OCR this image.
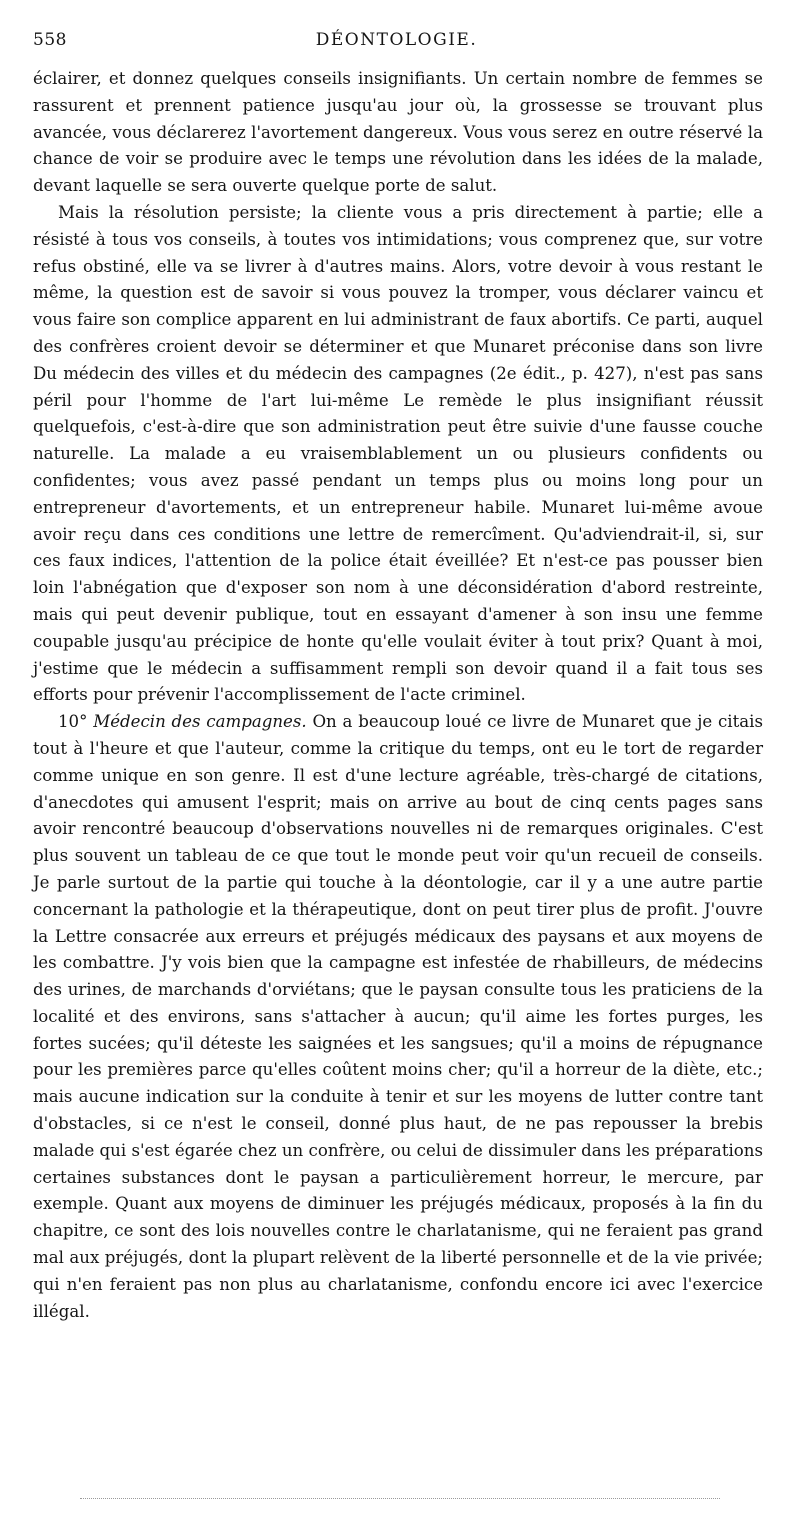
558	DÉONTOLOGIE.

éclairer, et donnez quelques conseils insignifiants. Un certain nombre de femmes se rassurent et prennent patience jusqu'au jour où, la grossesse se trouvant plus avancée, vous déclarerez l'avortement dangereux. Vous vous serez en outre réservé la chance de voir se produire avec le temps une révolution dans les idées de la malade, devant laquelle se sera ouverte quelque porte de salut.

Mais la résolution persiste; la cliente vous a pris directement à partie; elle a résisté à tous vos conseils, à toutes vos intimidations; vous comprenez que, sur votre refus obstiné, elle va se livrer à d'autres mains. Alors, votre devoir à vous restant le même, la question est de savoir si vous pouvez la tromper, vous déclarer vaincu et vous faire son complice apparent en lui administrant de faux abortifs. Ce parti, auquel des confrères croient devoir se déterminer et que Munaret préconise dans son livre Du médecin des villes et du médecin des campagnes (2e édit., p. 427), n'est pas sans péril pour l'homme de l'art lui-même Le remède le plus insignifiant réussit quelquefois, c'est-à-dire que son administration peut être suivie d'une fausse couche naturelle. La malade a eu vraisemblablement un ou plusieurs confidents ou confidentes; vous avez passé pendant un temps plus ou moins long pour un entrepreneur d'avortements, et un entrepreneur habile. Munaret lui-même avoue avoir reçu dans ces conditions une lettre de remercîment. Qu'adviendrait-il, si, sur ces faux indices, l'attention de la police était éveillée? Et n'est-ce pas pousser bien loin l'abnégation que d'exposer son nom à une déconsidération d'abord restreinte, mais qui peut devenir publique, tout en essayant d'amener à son insu une femme coupable jusqu'au précipice de honte qu'elle voulait éviter à tout prix? Quant à moi, j'estime que le médecin a suffisamment rempli son devoir quand il a fait tous ses efforts pour prévenir l'accomplissement de l'acte criminel.

10° Médecin des campagnes. On a beaucoup loué ce livre de Munaret que je citais tout à l'heure et que l'auteur, comme la critique du temps, ont eu le tort de regarder comme unique en son genre. Il est d'une lecture agréable, très-chargé de citations, d'anecdotes qui amusent l'esprit; mais on arrive au bout de cinq cents pages sans avoir rencontré beaucoup d'observations nouvelles ni de remarques originales. C'est plus souvent un tableau de ce que tout le monde peut voir qu'un recueil de conseils. Je parle surtout de la partie qui touche à la déontologie, car il y a une autre partie concernant la pathologie et la thérapeutique, dont on peut tirer plus de profit. J'ouvre la Lettre consacrée aux erreurs et préjugés médicaux des paysans et aux moyens de les combattre. J'y vois bien que la campagne est infestée de rhabilleurs, de médecins des urines, de marchands d'orviétans; que le paysan consulte tous les praticiens de la localité et des environs, sans s'attacher à aucun; qu'il aime les fortes purges, les fortes sucées; qu'il déteste les saignées et les sangsues; qu'il a moins de répugnance pour les premières parce qu'elles coûtent moins cher; qu'il a horreur de la diète, etc.; mais aucune indication sur la conduite à tenir et sur les moyens de lutter contre tant d'obstacles, si ce n'est le conseil, donné plus haut, de ne pas repousser la brebis malade qui s'est égarée chez un confrère, ou celui de dissimuler dans les préparations certaines substances dont le paysan a particulièrement horreur, le mercure, par exemple. Quant aux moyens de diminuer les préjugés médicaux, proposés à la fin du chapitre, ce sont des lois nouvelles contre le charlatanisme, qui ne feraient pas grand mal aux préjugés, dont la plupart relèvent de la liberté personnelle et de la vie privée; qui n'en feraient pas non plus au charlatanisme, confondu encore ici avec l'exercice illégal.
